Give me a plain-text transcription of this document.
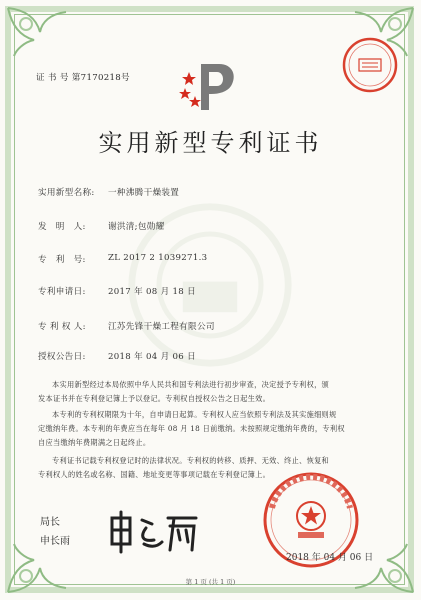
证 书 号 第7170218号
实用新型专利证书
实用新型名称: 一种沸腾干燥装置
发　明　人:	谢洪清;包勋耀
专　利　号:	ZL 2017 2 1039271.3
专利申请日:	2017 年 08 月 18 日
专 利 权 人:	江苏先锋干燥工程有限公司
授权公告日:	2018 年 04 月 06 日
本实用新型经过本局依照中华人民共和国专利法进行初步审查，决定授予专利权，颁
发本证书并在专利登记簿上予以登记。专利权自授权公告之日起生效。
本专利的专利权期限为十年，自申请日起算。专利权人应当依照专利法及其实施细则规
定缴纳年费。本专利的年费应当在每年 08 月 18 日前缴纳。未按照规定缴纳年费的，专利权
自应当缴纳年费期满之日起终止。
专利证书记载专利权登记时的法律状况。专利权的转移、质押、无效、终止、恢复和
专利权人的姓名或名称、国籍、地址变更等事项记载在专利登记簿上。
局长
申长雨
2018 年 04 月 06 日
第 1 页 (共 1 页)
